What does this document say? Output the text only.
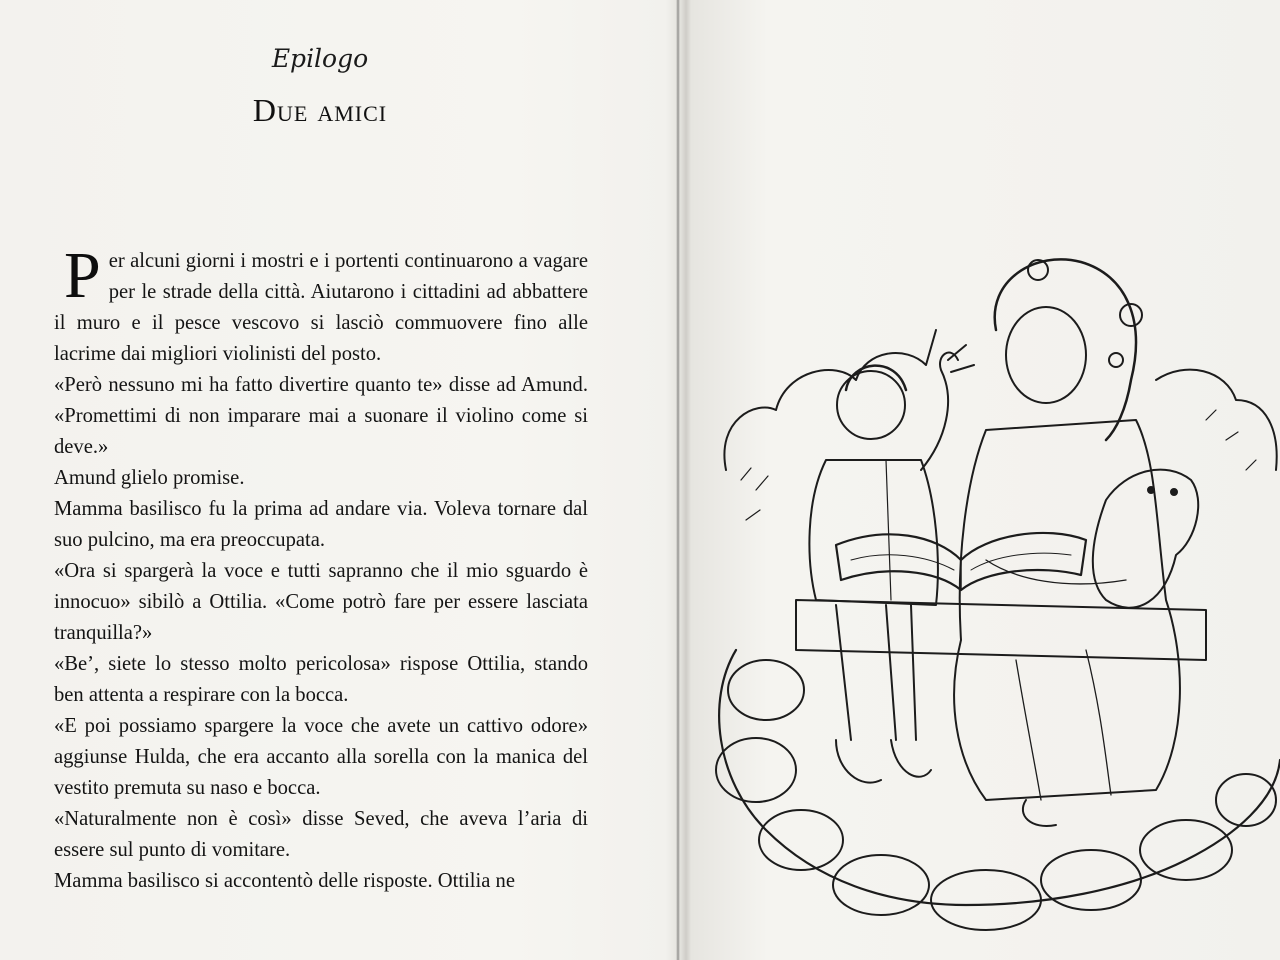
Epilogo
Due amici

Per alcuni giorni i mostri e i portenti continuarono a vagare per le strade della città. Aiutarono i cittadini ad abbattere il muro e il pesce vescovo si lasciò commuovere fino alle lacrime dai migliori violinisti del posto.

«Però nessuno mi ha fatto divertire quanto te» disse ad Amund. «Promettimi di non imparare mai a suonare il violino come si deve.»

Amund glielo promise.

Mamma basilisco fu la prima ad andare via. Voleva tornare dal suo pulcino, ma era preoccupata.

«Ora si spargerà la voce e tutti sapranno che il mio sguardo è innocuo» sibilò a Ottilia. «Come potrò fare per essere lasciata tranquilla?»

«Be’, siete lo stesso molto pericolosa» rispose Ottilia, stando ben attenta a respirare con la bocca.

«E poi possiamo spargere la voce che avete un cattivo odore» aggiunse Hulda, che era accanto alla sorella con la manica del vestito premuta su naso e bocca.

«Naturalmente non è così» disse Seved, che aveva l’aria di essere sul punto di vomitare.

Mamma basilisco si accontentò delle risposte. Ottilia ne
